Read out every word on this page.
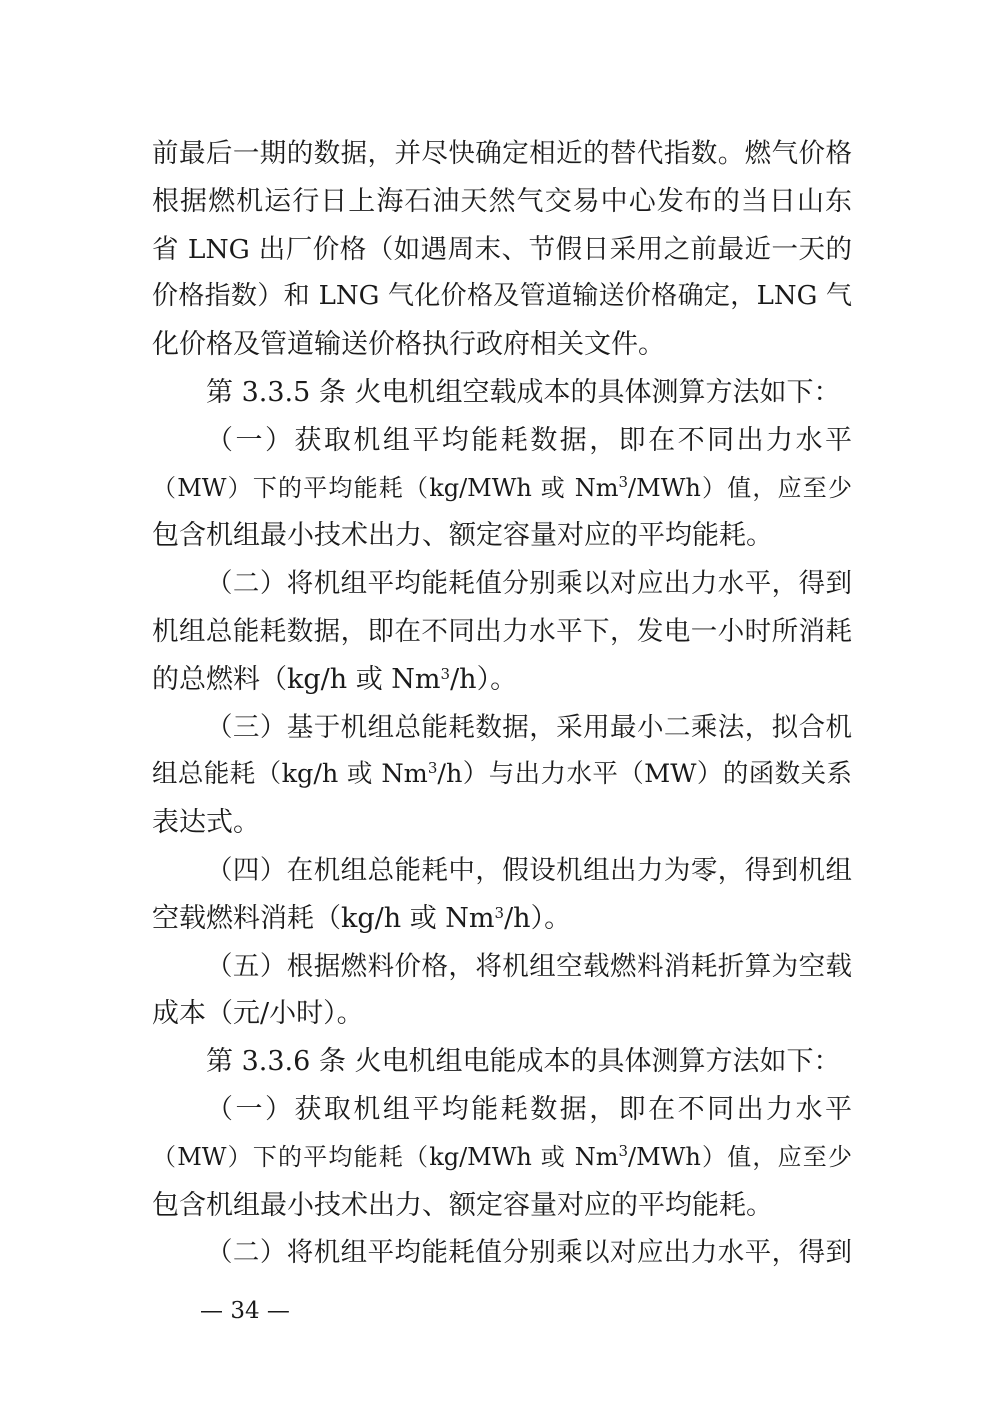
前最后一期的数据，并尽快确定相近的替代指数。燃气价格
根据燃机运行日上海石油天然气交易中心发布的当日山东
省 LNG 出厂价格（如遇周末、节假日采用之前最近一天的
价格指数）和 LNG 气化价格及管道输送价格确定，LNG 气
化价格及管道输送价格执行政府相关文件。
第 3.3.5 条 火电机组空载成本的具体测算方法如下：
（一）获取机组平均能耗数据，即在不同出力水平
（MW）下的平均能耗（kg/MWh 或 Nm$^3$/MWh）值，应至少
包含机组最小技术出力、额定容量对应的平均能耗。
（二）将机组平均能耗值分别乘以对应出力水平，得到
机组总能耗数据，即在不同出力水平下，发电一小时所消耗
的总燃料（kg/h 或 Nm$^3$/h）。
（三）基于机组总能耗数据，采用最小二乘法，拟合机
组总能耗（kg/h 或 Nm$^3$/h）与出力水平（MW）的函数关系
表达式。
（四）在机组总能耗中，假设机组出力为零，得到机组
空载燃料消耗（kg/h 或 Nm$^3$/h）。
（五）根据燃料价格，将机组空载燃料消耗折算为空载
成本（元/小时）。
第 3.3.6 条 火电机组电能成本的具体测算方法如下：
（一）获取机组平均能耗数据，即在不同出力水平
（MW）下的平均能耗（kg/MWh 或 Nm$^3$/MWh）值，应至少
包含机组最小技术出力、额定容量对应的平均能耗。
（二）将机组平均能耗值分别乘以对应出力水平，得到
— 34 —
